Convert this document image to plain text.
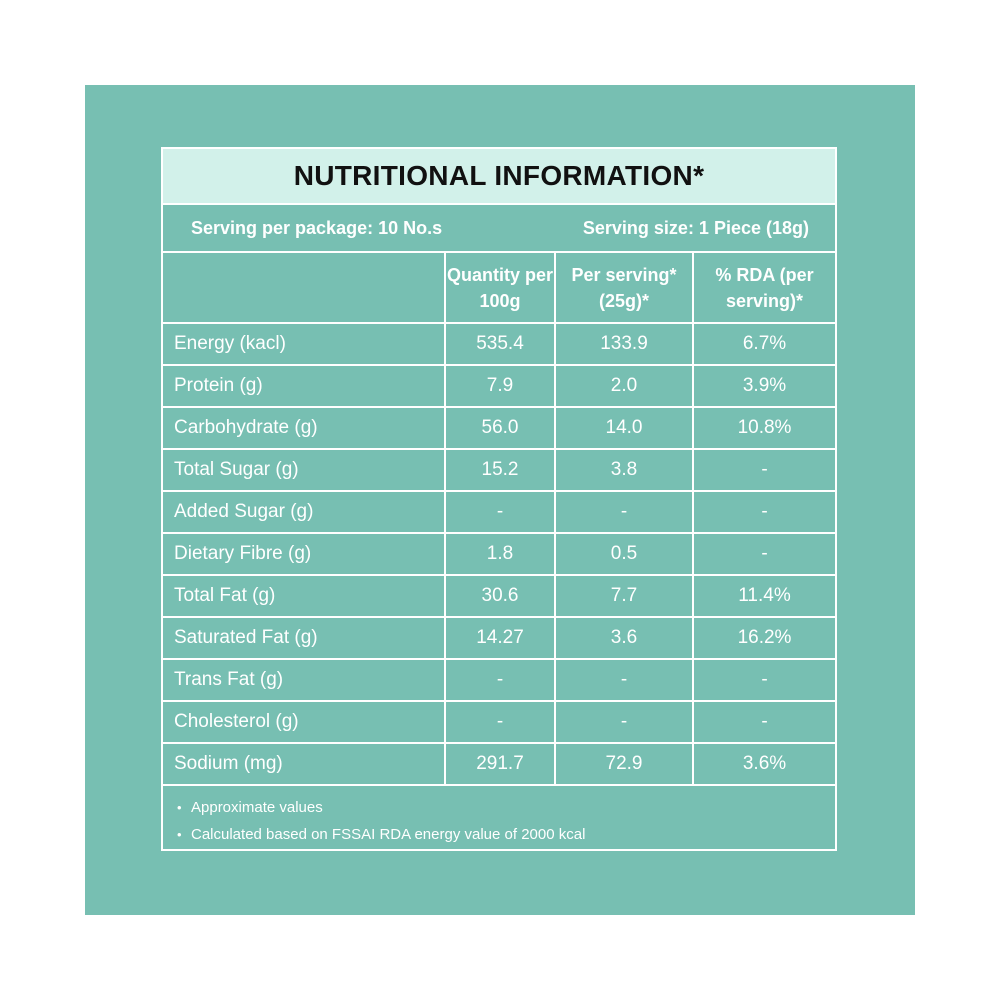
NUTRITIONAL INFORMATION*
Serving per package: 10 No.s	Serving size: 1 Piece (18g)
	Quantity per 100g	Per serving* (25g)*	% RDA (per serving)*
Energy (kacl)	535.4	133.9	6.7%
Protein (g)	7.9	2.0	3.9%
Carbohydrate (g)	56.0	14.0	10.8%
Total Sugar (g)	15.2	3.8	-
Added Sugar (g)	-	-	-
Dietary Fibre (g)	1.8	0.5	-
Total Fat (g)	30.6	7.7	11.4%
Saturated Fat (g)	14.27	3.6	16.2%
Trans Fat (g)	-	-	-
Cholesterol (g)	-	-	-
Sodium (mg)	291.7	72.9	3.6%
• Approximate values
• Calculated based on FSSAI RDA energy value of 2000 kcal
